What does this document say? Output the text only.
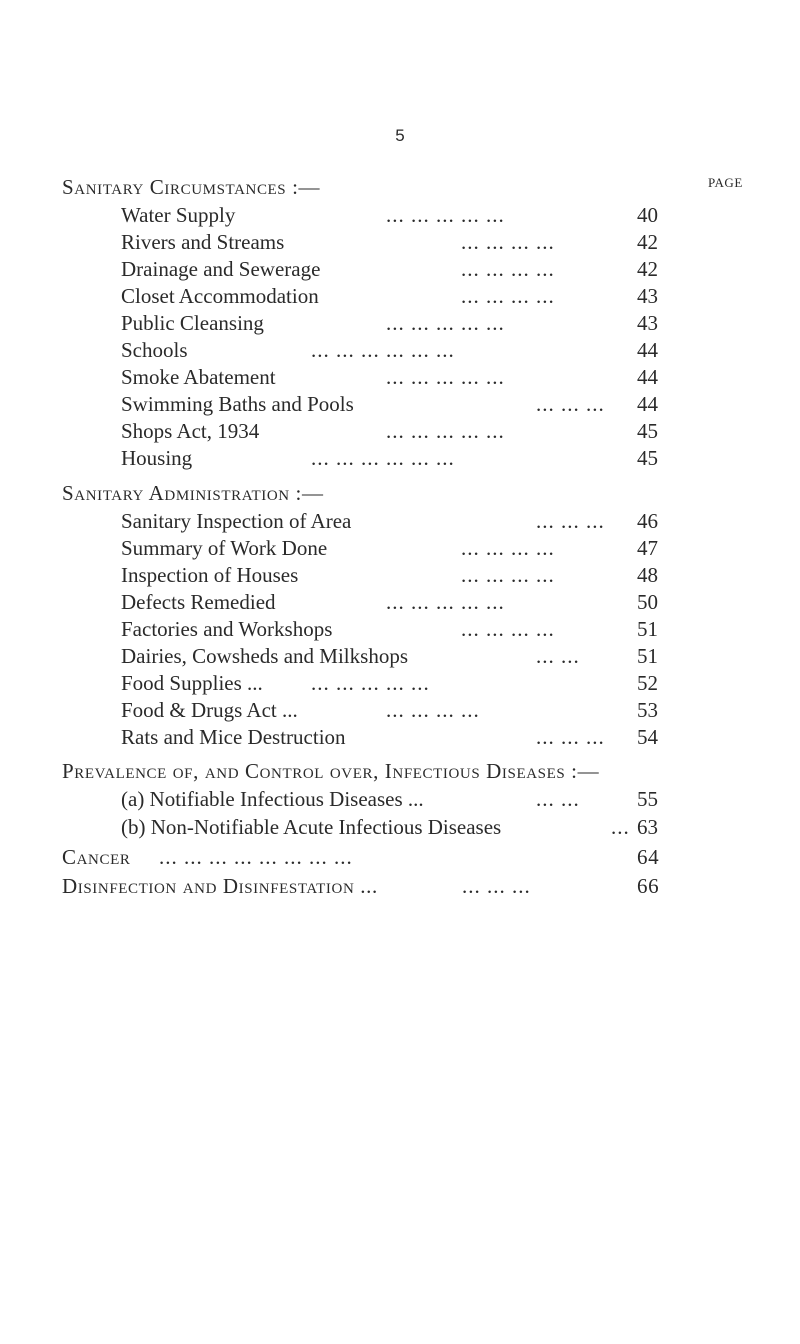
5
page
Sanitary Circumstances :—
Water Supply	... ... ... ... ...	40
Rivers and Streams	... ... ... ...	42
Drainage and Sewerage	... ... ... ...	42
Closet Accommodation	... ... ... ...	43
Public Cleansing	... ... ... ... ...	43
Schools	... ... ... ... ... ...	44
Smoke Abatement	... ... ... ... ...	44
Swimming Baths and Pools	... ... ... 44
Shops Act, 1934	... ... ... ... ...	45
Housing	... ... ... ... ... ...	45
Sanitary Administration :—
Sanitary Inspection of Area	... ... ... 46
Summary of Work Done	... ... ... ...	47
Inspection of Houses	... ... ... ...	48
Defects Remedied	... ... ... ... ...	50
Factories and Workshops	... ... ... ...	51
Dairies, Cowsheds and Milkshops	... ...	51
Food Supplies ... ... ... ... ... ...	52
Food & Drugs Act ...	... ... ... ...	53
Rats and Mice Destruction	... ... ... 54
Prevalence of, and Control over, Infectious Diseases :—
(a) Notifiable Infectious Diseases ...	... ...	55
(b) Non-Notifiable Acute Infectious Diseases	... 63
Cancer ... ... ... ... ... ... ... ...	64
Disinfection and Disinfestation ...	... ... ...	66
